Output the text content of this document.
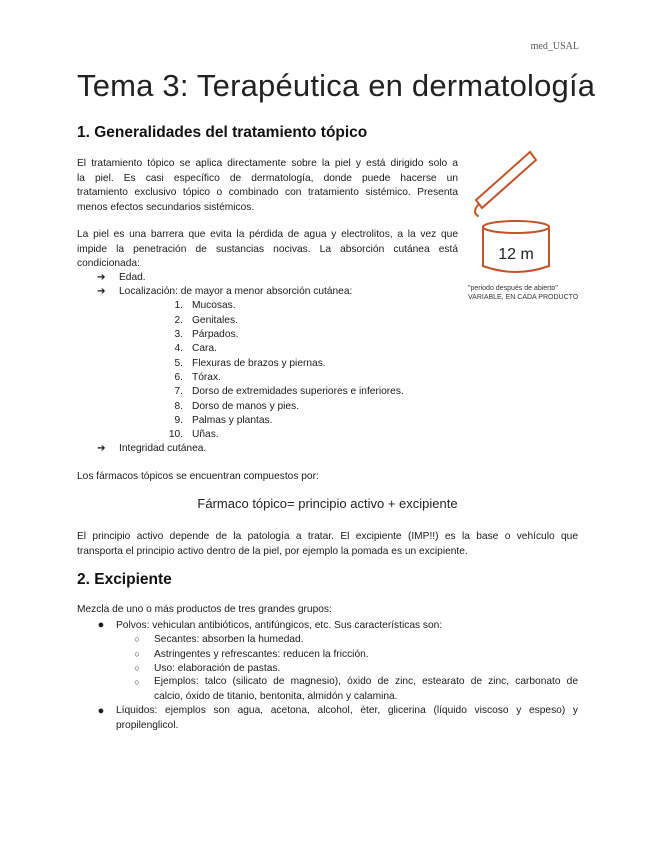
med_USAL
Tema 3: Terapéutica en dermatología
1. Generalidades del tratamiento tópico
El tratamiento tópico se aplica directamente sobre la piel y está dirigido solo a
la piel. Es casi específico de dermatología, donde puede hacerse un
tratamiento exclusivo tópico o combinado con tratamiento sistémico. Presenta
menos efectos secundarios sistémicos.
La piel es una barrera que evita la pérdida de agua y electrolitos, a la vez que
impide la penetración de sustancias nocivas. La absorción cutánea está
condicionada:
➔ Edad.
➔ Localización: de mayor a menor absorción cutánea:
1. Mucosas.
2. Genitales.
3. Párpados.
4. Cara.
5. Flexuras de brazos y piernas.
6. Tórax.
7. Dorso de extremidades superiores e inferiores.
8. Dorso de manos y pies.
9. Palmas y plantas.
10. Uñas.
➔ Integridad cutánea.
Los fármacos tópicos se encuentran compuestos por:
Fármaco tópico= principio activo + excipiente
El principio activo depende de la patología a tratar. El excipiente (IMP!!) es la base o vehículo que
transporta el principio activo dentro de la piel, por ejemplo la pomada es un excipiente.
12 m
"periodo después de abierto"
VARIABLE, EN CADA PRODUCTO
2. Excipiente
Mezcla de uno o más productos de tres grandes grupos:
● Polvos: vehiculan antibióticos, antifúngicos, etc. Sus características son:
○ Secantes: absorben la humedad.
○ Astringentes y refrescantes: reducen la fricción.
○ Uso: elaboración de pastas.
○	Ejemplos: talco (silicato de magnesio), óxido de zinc, estearato de zinc, carbonato de
calcio, óxido de titanio, bentonita, almidón y calamina.
●	Líquidos: ejemplos son agua, acetona, alcohol, éter, glicerina (líquido viscoso y espeso) y
propilenglicol.
